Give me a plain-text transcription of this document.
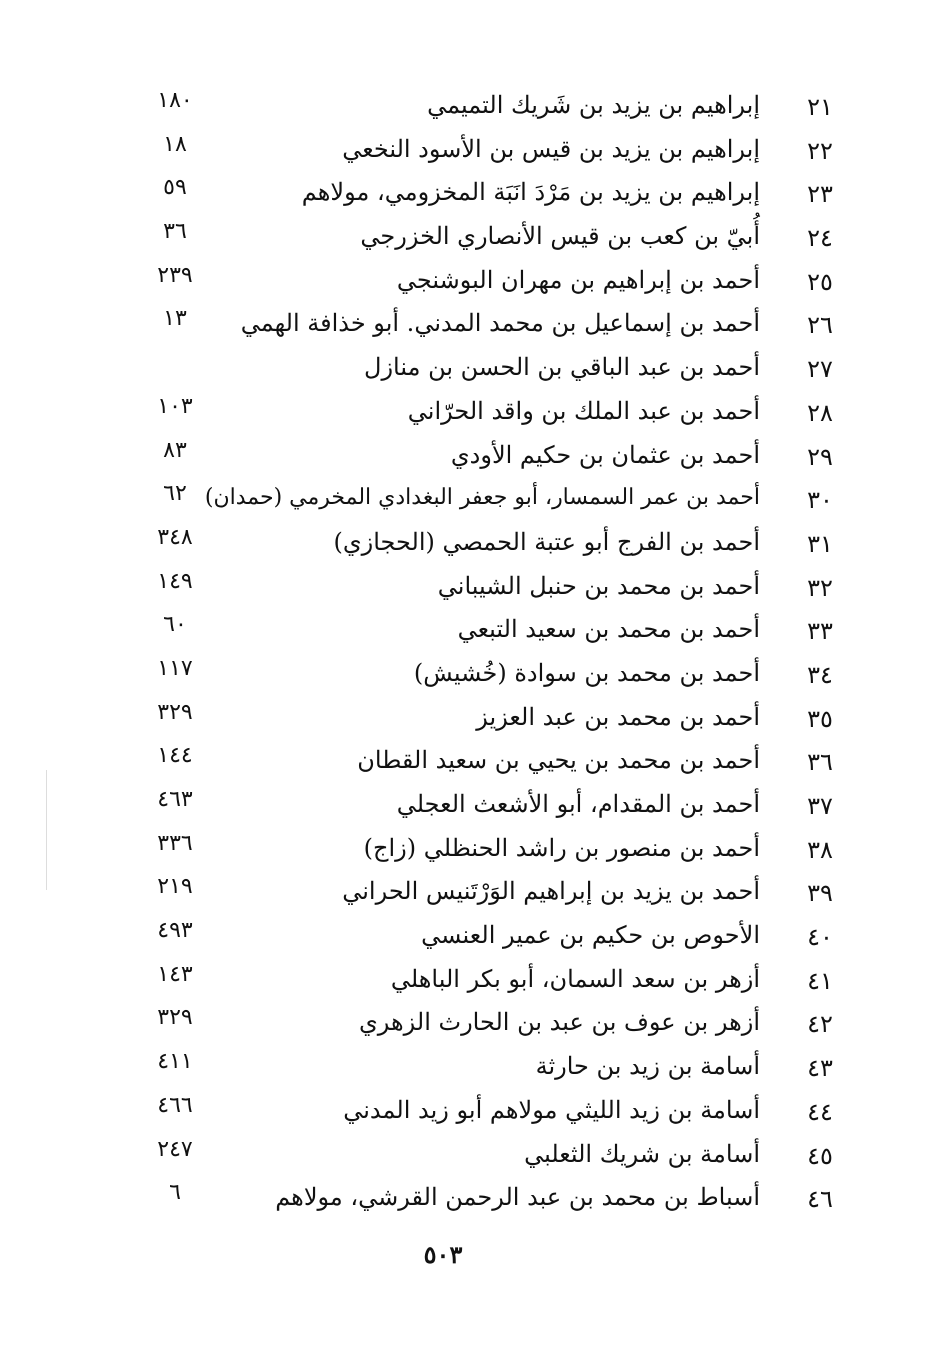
٢١
إبراهيم بن يزيد بن شَريك التميمي
١٨٠
٢٢
إبراهيم بن يزيد بن قيس بن الأسود النخعي
١٨
٢٣
إبراهيم بن يزيد بن مَرْدَ انَبَة المخزومي، مولاهم
٥٩
٢٤
أُبيّ بن كعب بن قيس الأنصاري الخزرجي
٣٦
٢٥
أحمد بن إبراهيم بن مهران البوشنجي
٢٣٩
٢٦
أحمد بن إسماعيل بن محمد المدني. أبو خذافة الهمي
١٣
٢٧
أحمد بن عبد الباقي بن الحسن بن منازل
٢٨
أحمد بن عبد الملك بن واقد الحرّاني
١٠٣
٢٩
أحمد بن عثمان بن حكيم الأودي
٨٣
٣٠
أحمد بن عمر السمسار، أبو جعفر البغدادي المخرمي (حمدان)
٦٢
٣١
أحمد بن الفرج أبو عتبة الحمصي (الحجازي)
٣٤٨
٣٢
أحمد بن محمد بن حنبل الشيباني
١٤٩
٣٣
أحمد بن محمد بن سعيد التبعي
٦٠
٣٤
أحمد بن محمد بن سوادة (خُشيش)
١١٧
٣٥
أحمد بن محمد بن عبد العزيز
٣٢٩
٣٦
أحمد بن محمد بن يحيي بن سعيد القطان
١٤٤
٣٧
أحمد بن المقدام، أبو الأشعث العجلي
٤٦٣
٣٨
أحمد بن منصور بن راشد الحنظلي (زاج)
٣٣٦
٣٩
أحمد بن يزيد بن إبراهيم الوَرْتَنيس الحراني
٢١٩
٤٠
الأحوص بن حكيم بن عمير العنسي
٤٩٣
٤١
أزهر بن سعد السمان، أبو بكر الباهلي
١٤٣
٤٢
أزهر بن عوف بن عبد بن الحارث الزهري
٣٢٩
٤٣
أسامة بن زيد بن حارثة
٤١١
٤٤
أسامة بن زيد الليثي مولاهم أبو زيد المدني
٤٦٦
٤٥
أسامة بن شريك الثعلبي
٢٤٧
٤٦
أسباط بن محمد بن عبد الرحمن القرشي، مولاهم
٦
٥٠٣
